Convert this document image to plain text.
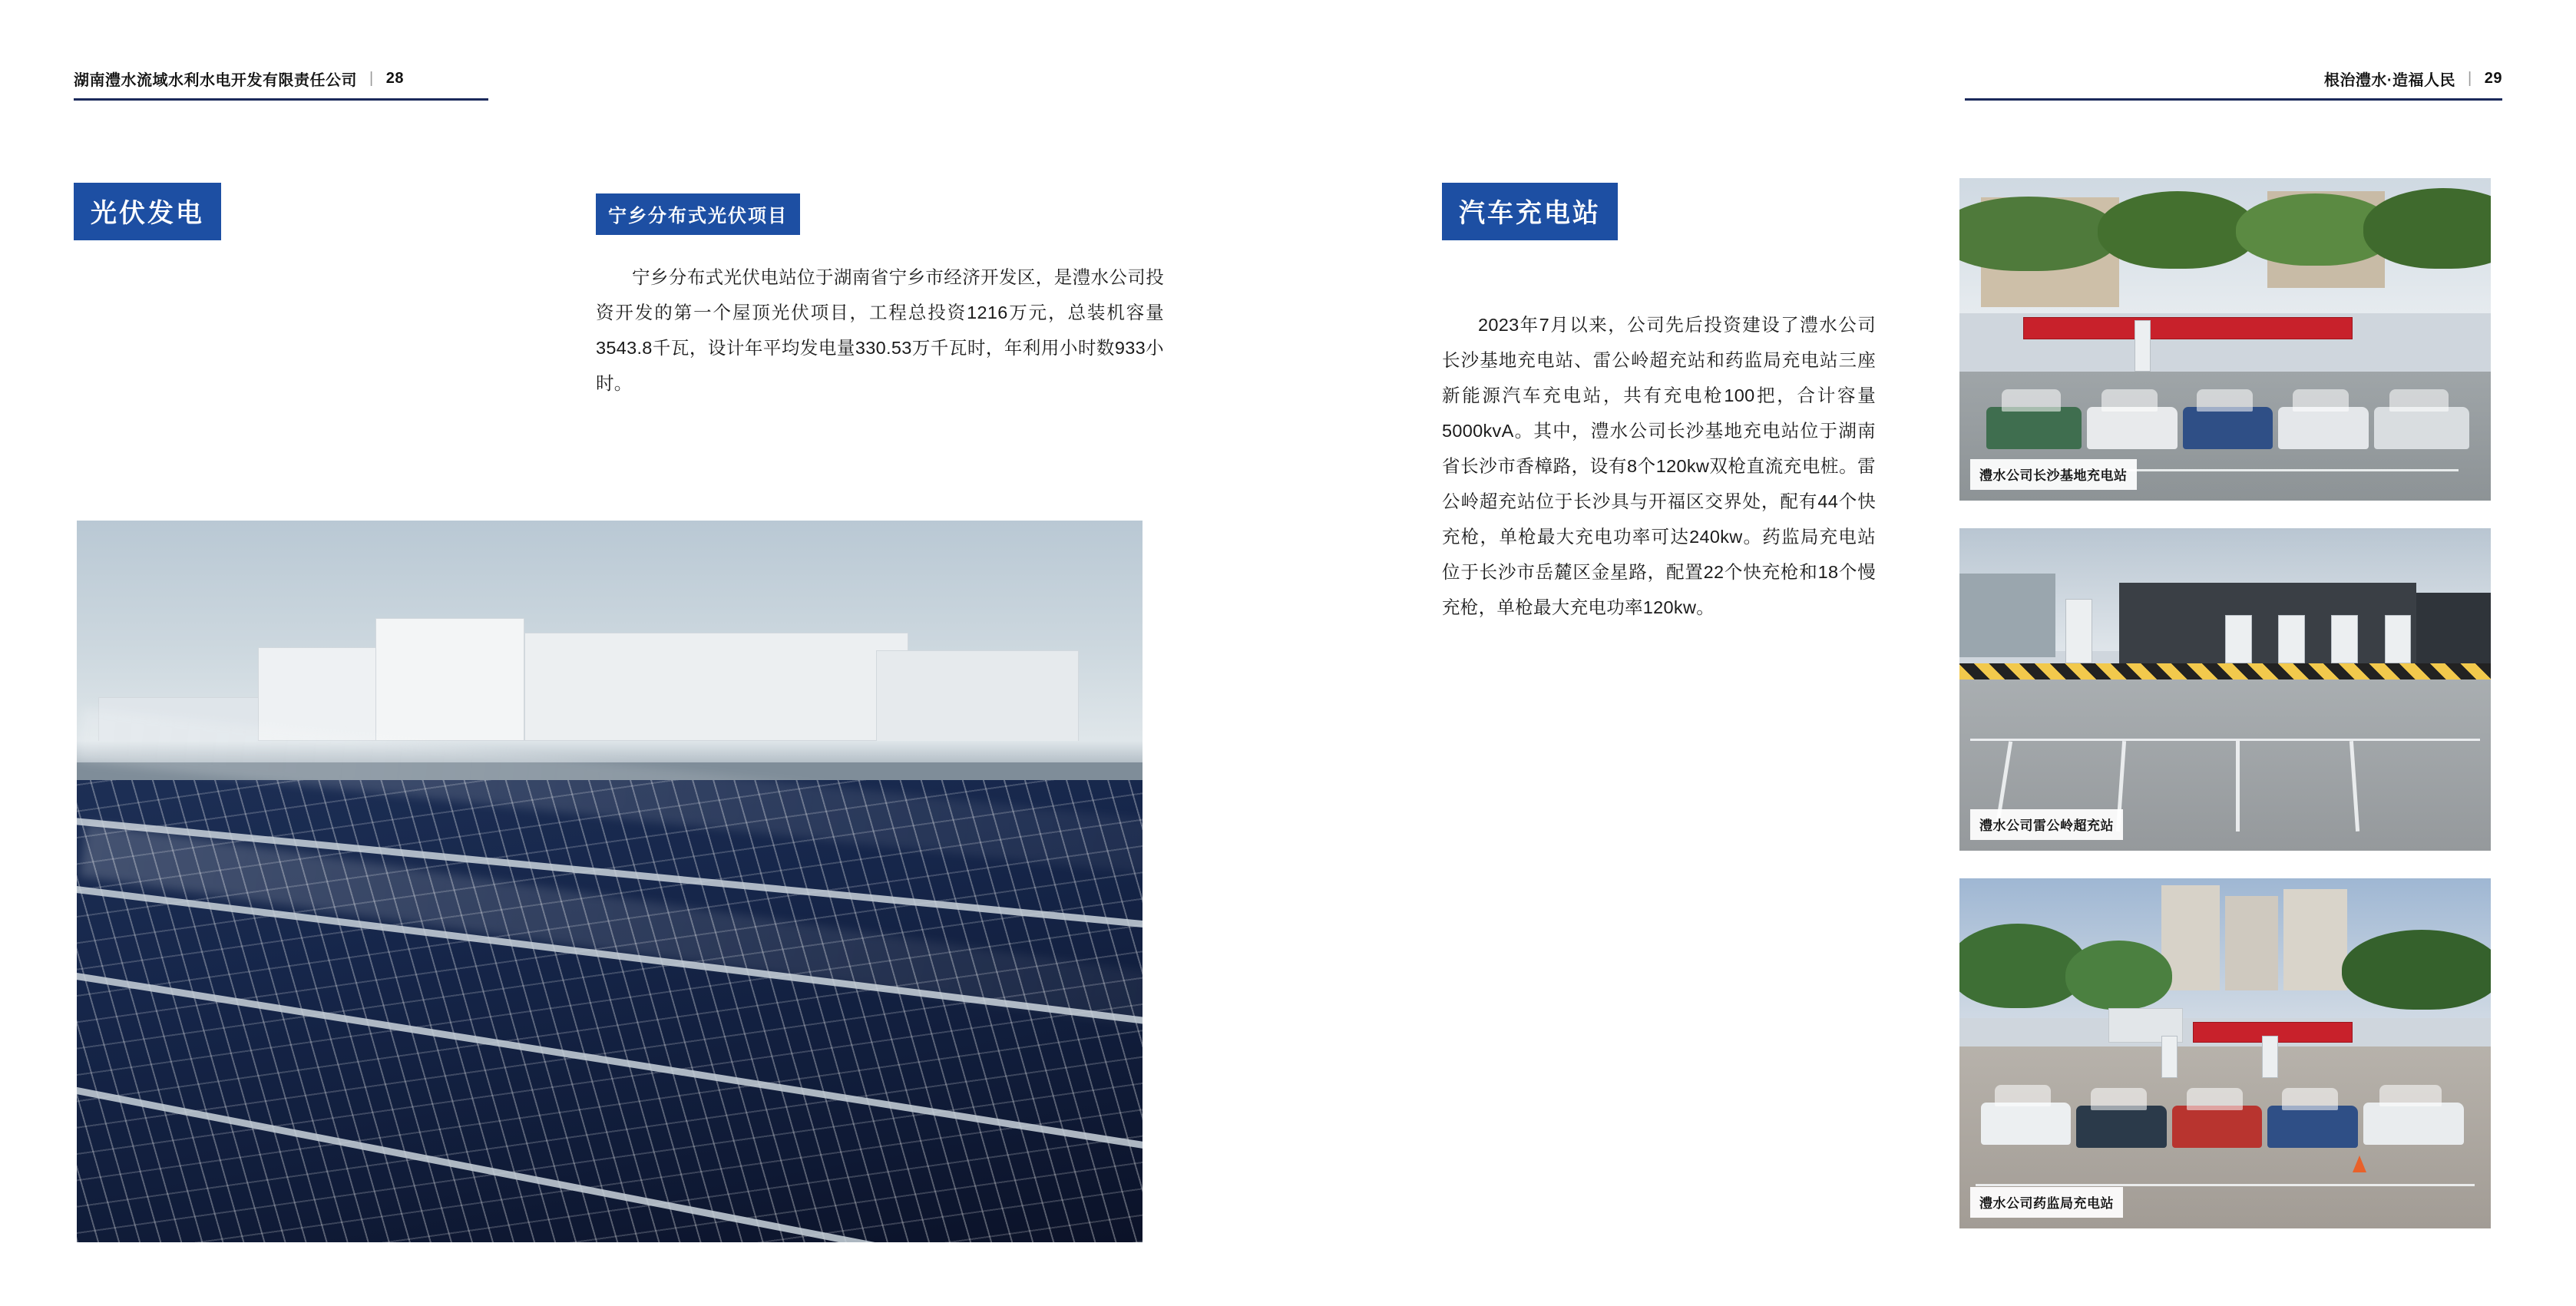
湖南澧水流域水利水电开发有限责任公司 | 28
光伏发电	宁乡分布式光伏项目

宁乡分布式光伏电站位于湖南省宁乡市经济开发区，是澧水公司投资开发的第一个屋顶光伏项目，工程总投资1216万元，总装机容量3543.8千瓦，设计年平均发电量330.53万千瓦时，年利用小时数933小时。

根治澧水·造福人民 | 29
汽车充电站

2023年7月以来，公司先后投资建设了澧水公司长沙基地充电站、雷公岭超充站和药监局充电站三座新能源汽车充电站，共有充电枪100把，合计容量5000kvA。其中，澧水公司长沙基地充电站位于湖南省长沙市香樟路，设有8个120kw双枪直流充电桩。雷公岭超充站位于长沙具与开福区交界处，配有44个快充枪，单枪最大充电功率可达240kw。药监局充电站位于长沙市岳麓区金星路，配置22个快充枪和18个慢充枪，单枪最大充电功率120kw。

澧水公司长沙基地充电站
澧水公司雷公岭超充站
澧水公司药监局充电站
